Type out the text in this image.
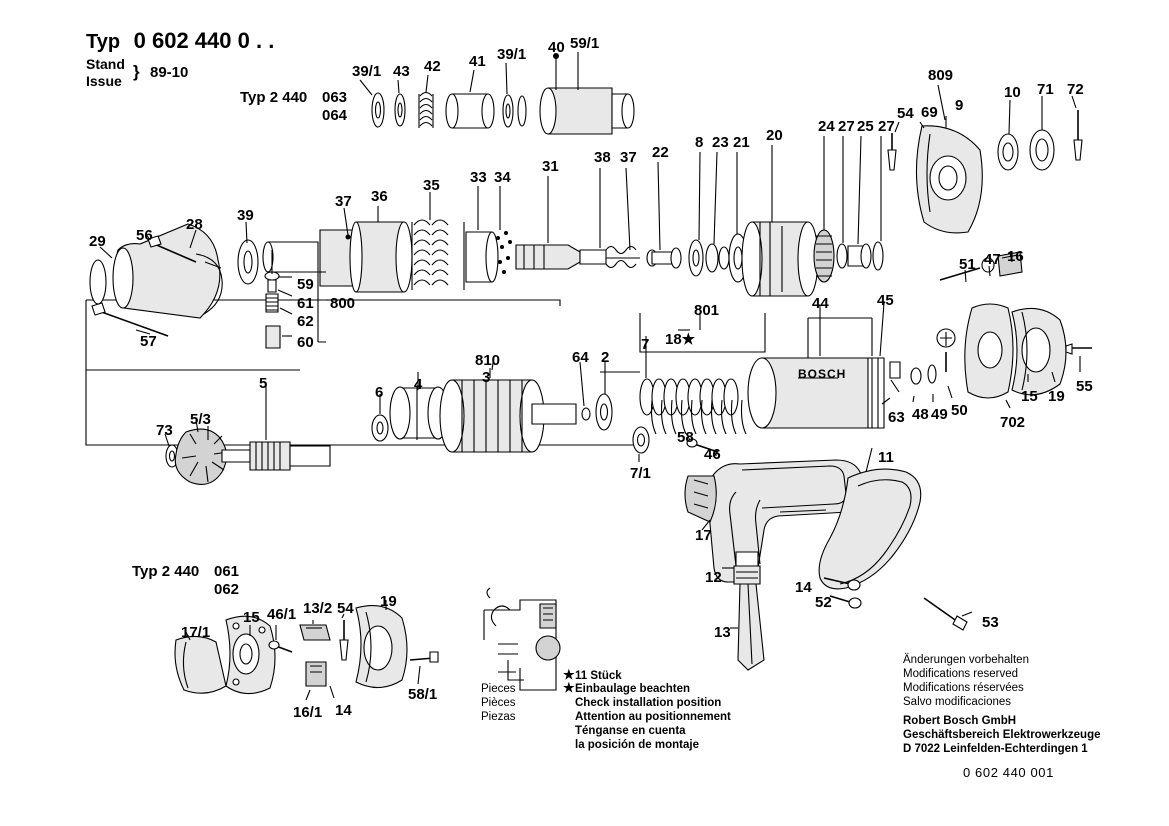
Typ 0 602 440 0 . .
Stand
Issue } 89-10
Typ 2 440 063
064
Typ 2 440 061
062
BOSCH
39/1 43 42 41 39/1 40 59/1
809
10 71 72
9
69
54
27
25
27
24
20
21
23
8
22
37
38
31
34
33
35
36
37
39
28
56
29
57
59
61
62
60
800
51 47 16
801
18★
44	45
7
810	64 2
3
4
6
5
5/3
73
7/1
58
46
63 48 49 50
702
15 19
55
17
12
13
14
52
11
53
17/1
15 46/1 13/2 54 19
16/1 14
58/1
★ 11 Stück
Pieces
Pièces
Piezas
★ Einbaulage beachten
Check installation position
Attention au positionnement
Ténganse en cuenta
la posición de montaje
Änderungen vorbehalten
Modifications reserved
Modifications réservées
Salvo modificaciones
Robert Bosch GmbH
Geschäftsbereich Elektrowerkzeuge
D 7022 Leinfelden-Echterdingen 1
0 602 440 001
